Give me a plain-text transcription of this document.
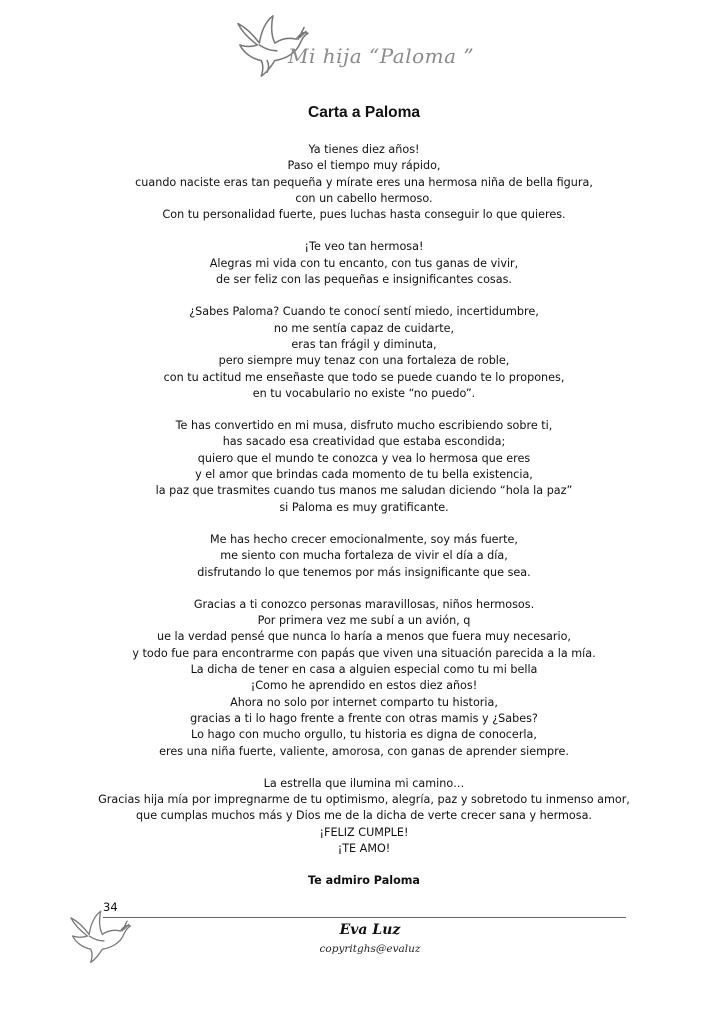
Mi hija “Paloma ”
Carta a Paloma
Ya tienes diez años!
Paso el tiempo muy rápido,
cuando naciste eras tan pequeña y mírate eres una hermosa niña de bella figura,
con un cabello hermoso.
Con tu personalidad fuerte, pues luchas hasta conseguir lo que quieres.
¡Te veo tan hermosa!
Alegras mi vida con tu encanto, con tus ganas de vivir,
de ser feliz con las pequeñas e insignificantes cosas.
¿Sabes Paloma? Cuando te conocí sentí miedo, incertidumbre,
no me sentía capaz de cuidarte,
eras tan frágil y diminuta,
pero siempre muy tenaz con una fortaleza de roble,
con tu actitud me enseñaste que todo se puede cuando te lo propones,
en tu vocabulario no existe “no puedo”.
Te has convertido en mi musa, disfruto mucho escribiendo sobre ti,
has sacado esa creatividad que estaba escondida;
quiero que el mundo te conozca y vea lo hermosa que eres
y el amor que brindas cada momento de tu bella existencia,
la paz que trasmites cuando tus manos me saludan diciendo “hola la paz”
si Paloma es muy gratificante.
Me has hecho crecer emocionalmente, soy más fuerte,
me siento con mucha fortaleza de vivir el día a día,
disfrutando lo que tenemos por más insignificante que sea.
Gracias a ti conozco personas maravillosas, niños hermosos.
Por primera vez me subí a un avión, q
ue la verdad pensé que nunca lo haría a menos que fuera muy necesario,
y todo fue para encontrarme con papás que viven una situación parecida a la mía.
La dicha de tener en casa a alguien especial como tu mi bella
¡Como he aprendido en estos diez años!
Ahora no solo por internet comparto tu historia,
gracias a ti lo hago frente a frente con otras mamis y ¿Sabes?
Lo hago con mucho orgullo, tu historia es digna de conocerla,
eres una niña fuerte, valiente, amorosa, con ganas de aprender siempre.
La estrella que ilumina mi camino…
Gracias hija mía por impregnarme de tu optimismo, alegría, paz y sobretodo tu inmenso amor,
que cumplas muchos más y Dios me de la dicha de verte crecer sana y hermosa.
¡FELIZ CUMPLE!
¡TE AMO!
Te admiro Paloma
34
Eva Luz
copyritghs@evaluz
